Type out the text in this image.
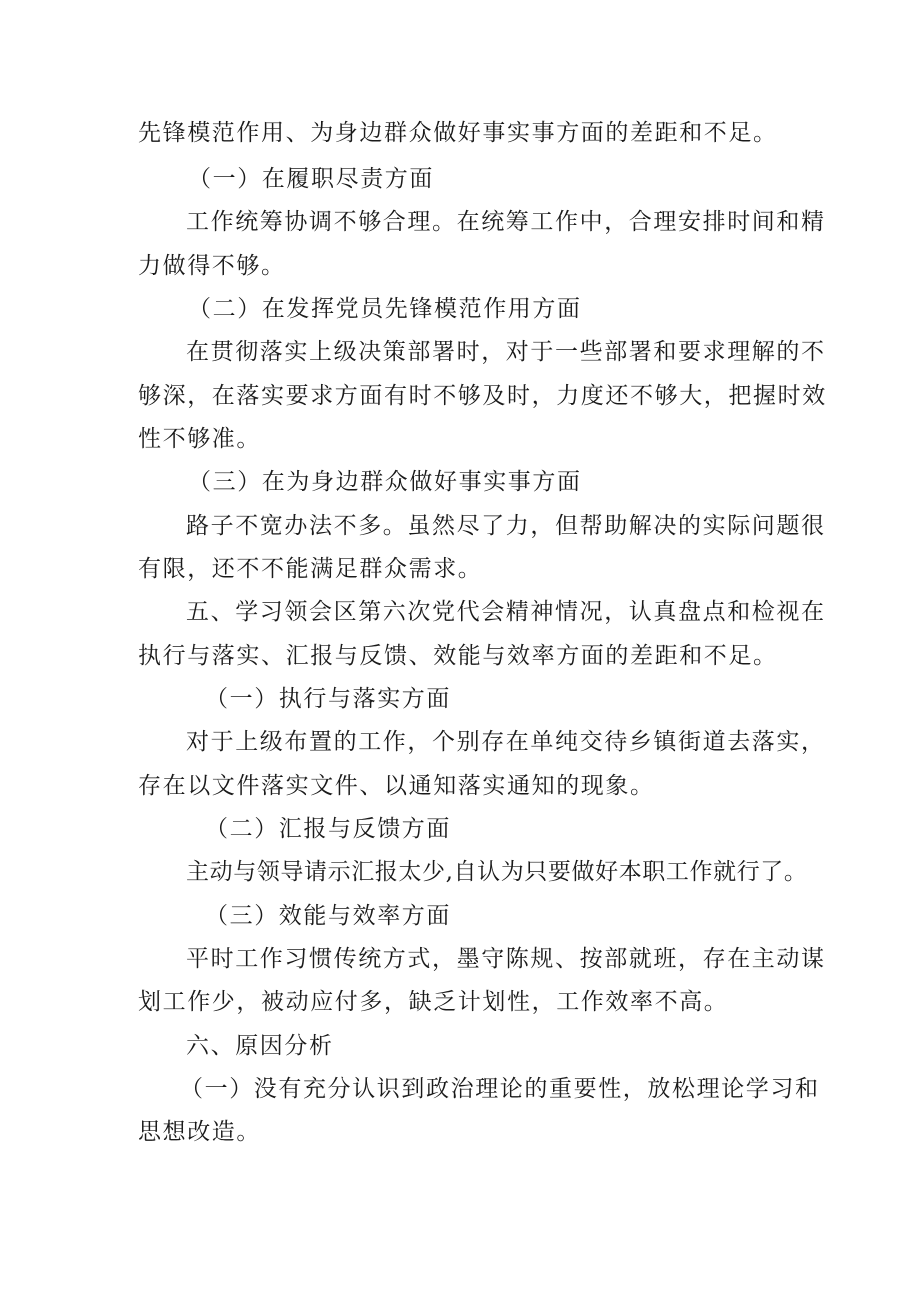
先锋模范作用、为身边群众做好事实事方面的差距和不足。
（一）在履职尽责方面
工作统筹协调不够合理。在统筹工作中，合理安排时间和精
力做得不够。
（二）在发挥党员先锋模范作用方面
在贯彻落实上级决策部署时，对于一些部署和要求理解的不
够深，在落实要求方面有时不够及时，力度还不够大，把握时效
性不够准。
（三）在为身边群众做好事实事方面
路子不宽办法不多。虽然尽了力，但帮助解决的实际问题很
有限，还不不能满足群众需求。
五、学习领会区第六次党代会精神情况，认真盘点和检视在
执行与落实、汇报与反馈、效能与效率方面的差距和不足。
（一）执行与落实方面
对于上级布置的工作，个别存在单纯交待乡镇街道去落实，
存在以文件落实文件、以通知落实通知的现象。
（二）汇报与反馈方面
主动与领导请示汇报太少,自认为只要做好本职工作就行了。
（三）效能与效率方面
平时工作习惯传统方式，墨守陈规、按部就班，存在主动谋
划工作少，被动应付多，缺乏计划性，工作效率不高。
六、原因分析
（一）没有充分认识到政治理论的重要性，放松理论学习和
思想改造。
